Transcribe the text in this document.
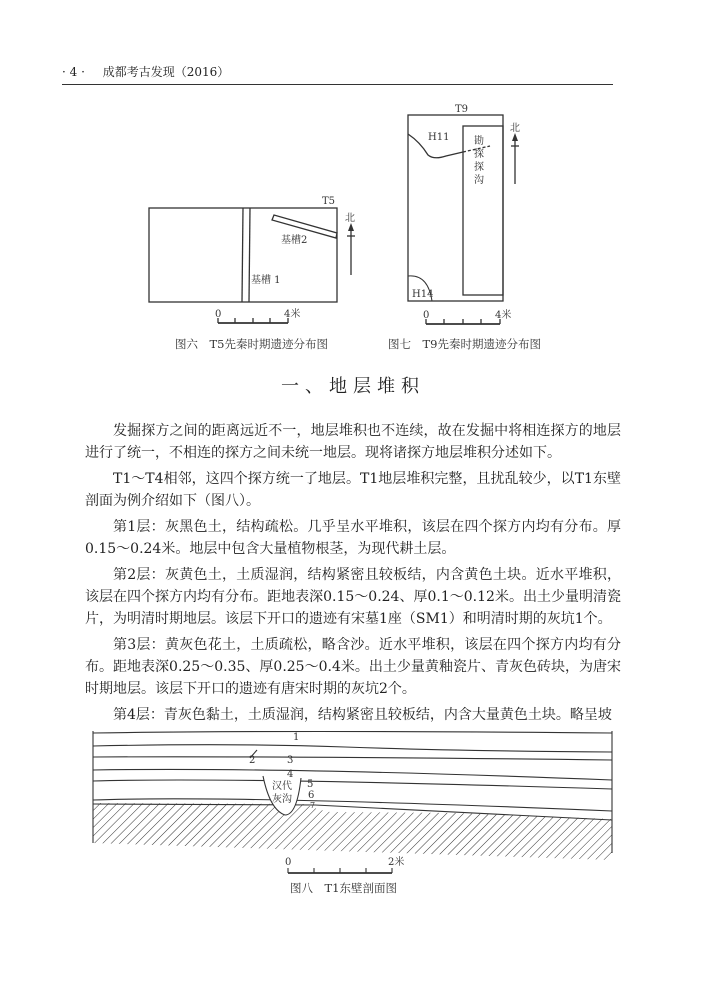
· 4 · 成都考古发现（2016）
T5
基槽 1
基槽2
北
0	4米
图六　T5先秦时期遗迹分布图
T9
H11
H14
勘
探
探
沟
北
0	4米
图七　T9先秦时期遗迹分布图
一、地层堆积

发掘探方之间的距离远近不一，地层堆积也不连续，故在发掘中将相连探方的地层进行了统一，不相连的探方之间未统一地层。现将诸探方地层堆积分述如下。

T1～T4相邻，这四个探方统一了地层。T1地层堆积完整，且扰乱较少，以T1东壁剖面为例介绍如下（图八）。

第1层：灰黑色土，结构疏松。几乎呈水平堆积，该层在四个探方内均有分布。厚0.15～0.24米。地层中包含大量植物根茎，为现代耕土层。

第2层：灰黄色土，土质湿润，结构紧密且较板结，内含黄色土块。近水平堆积，该层在四个探方内均有分布。距地表深0.15～0.24、厚0.1～0.12米。出土少量明清瓷片，为明清时期地层。该层下开口的遗迹有宋墓1座（SM1）和明清时期的灰坑1个。

第3层：黄灰色花土，土质疏松，略含沙。近水平堆积，该层在四个探方内均有分布。距地表深0.25～0.35、厚0.25～0.4米。出土少量黄釉瓷片、青灰色砖块，为唐宋时期地层。该层下开口的遗迹有唐宋时期的灰坑2个。

第4层：青灰色黏土，土质湿润，结构紧密且较板结，内含大量黄色土块。略呈坡

1
2	3
4
5
6
7
汉代
灰沟
0	2米
图八　T1东壁剖面图
